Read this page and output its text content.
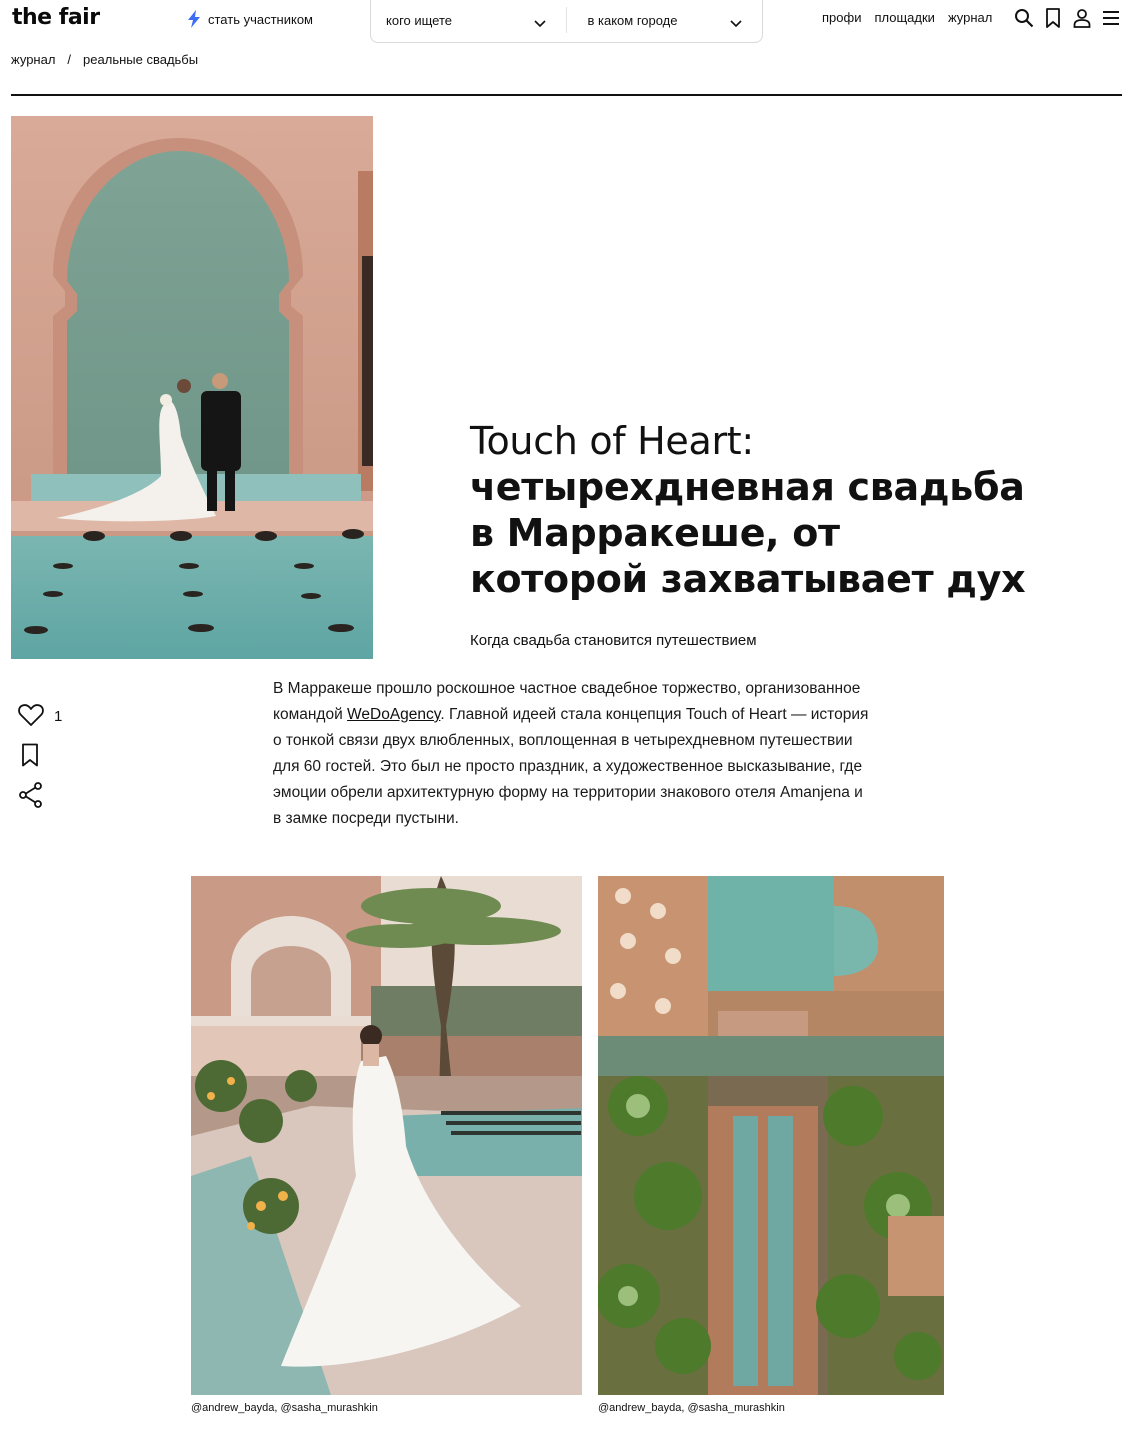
the fair	стать участником	кого ищете	в каком городе	профи площадки журнал
журнал / реальные свадьбы
Touch of Heart:
четырехдневная свадьба в Марракеше, от которой захватывает дух
Когда свадьба становится путешествием
1

В Марракеше прошло роскошное частное свадебное торжество, организованное командой WeDoAgency. Главной идеей стала концепция Touch of Heart — история о тонкой связи двух влюбленных, воплощенная в четырехдневном путешествии для 60 гостей. Это был не просто праздник, а художественное высказывание, где эмоции обрели архитектурную форму на территории знакового отеля Amanjena и в замке посреди пустыни.

@andrew_bayda, @sasha_murashkin	@andrew_bayda, @sasha_murashkin
